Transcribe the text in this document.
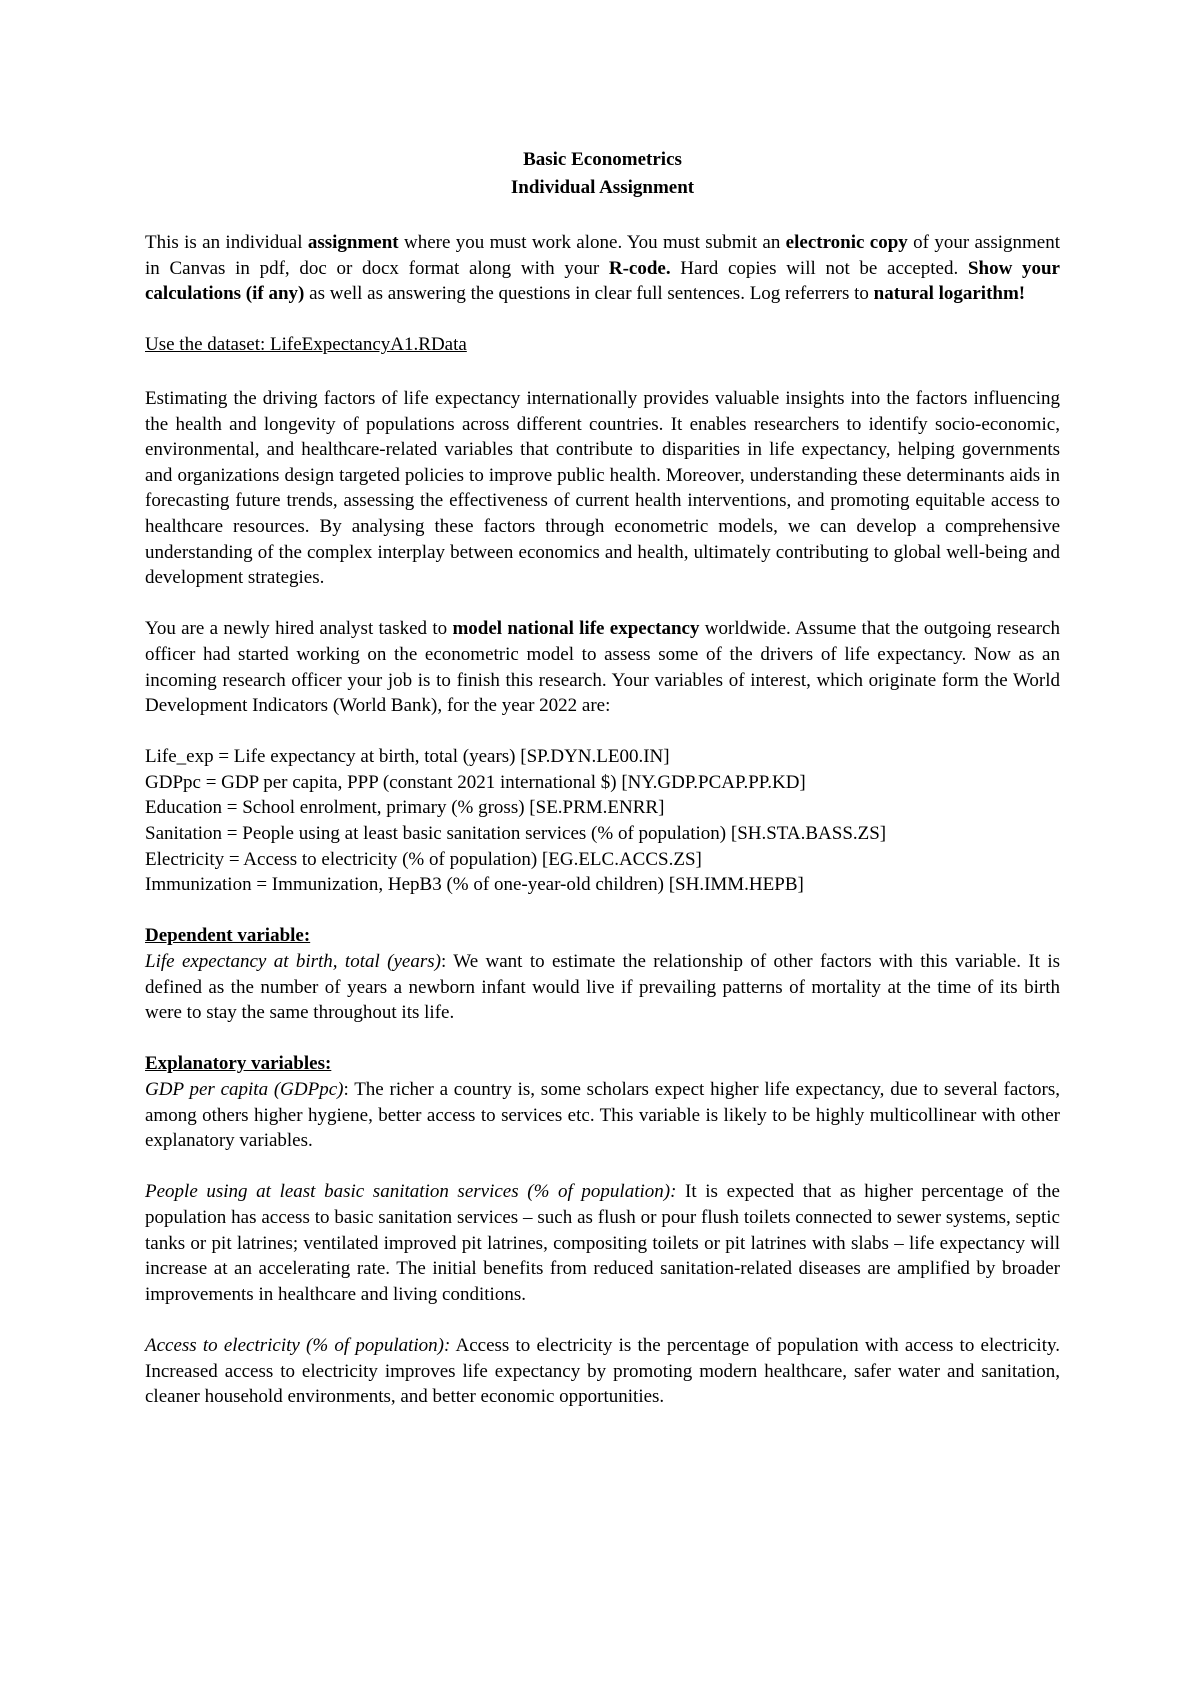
Basic Econometrics
Individual Assignment

This is an individual assignment where you must work alone. You must submit an electronic copy of your assignment in Canvas in pdf, doc or docx format along with your R-code. Hard copies will not be accepted. Show your calculations (if any) as well as answering the questions in clear full sentences. Log referrers to natural logarithm!

Use the dataset: LifeExpectancyA1.RData

Estimating the driving factors of life expectancy internationally provides valuable insights into the factors influencing the health and longevity of populations across different countries. It enables researchers to identify socio-economic, environmental, and healthcare-related variables that contribute to disparities in life expectancy, helping governments and organizations design targeted policies to improve public health. Moreover, understanding these determinants aids in forecasting future trends, assessing the effectiveness of current health interventions, and promoting equitable access to healthcare resources. By analysing these factors through econometric models, we can develop a comprehensive understanding of the complex interplay between economics and health, ultimately contributing to global well-being and development strategies.

You are a newly hired analyst tasked to model national life expectancy worldwide. Assume that the outgoing research officer had started working on the econometric model to assess some of the drivers of life expectancy. Now as an incoming research officer your job is to finish this research. Your variables of interest, which originate form the World Development Indicators (World Bank), for the year 2022 are:

Life_exp = Life expectancy at birth, total (years) [SP.DYN.LE00.IN]
GDPpc = GDP per capita, PPP (constant 2021 international $) [NY.GDP.PCAP.PP.KD]
Education = School enrolment, primary (% gross) [SE.PRM.ENRR]
Sanitation = People using at least basic sanitation services (% of population) [SH.STA.BASS.ZS]
Electricity = Access to electricity (% of population) [EG.ELC.ACCS.ZS]
Immunization = Immunization, HepB3 (% of one-year-old children) [SH.IMM.HEPB]
Dependent variable:

Life expectancy at birth, total (years): We want to estimate the relationship of other factors with this variable. It is defined as the number of years a newborn infant would live if prevailing patterns of mortality at the time of its birth were to stay the same throughout its life.

Explanatory variables:

GDP per capita (GDPpc): The richer a country is, some scholars expect higher life expectancy, due to several factors, among others higher hygiene, better access to services etc. This variable is likely to be highly multicollinear with other explanatory variables.

People using at least basic sanitation services (% of population): It is expected that as higher percentage of the population has access to basic sanitation services – such as flush or pour flush toilets connected to sewer systems, septic tanks or pit latrines; ventilated improved pit latrines, compositing toilets or pit latrines with slabs – life expectancy will increase at an accelerating rate. The initial benefits from reduced sanitation-related diseases are amplified by broader improvements in healthcare and living conditions.

Access to electricity (% of population): Access to electricity is the percentage of population with access to electricity. Increased access to electricity improves life expectancy by promoting modern healthcare, safer water and sanitation, cleaner household environments, and better economic opportunities.
